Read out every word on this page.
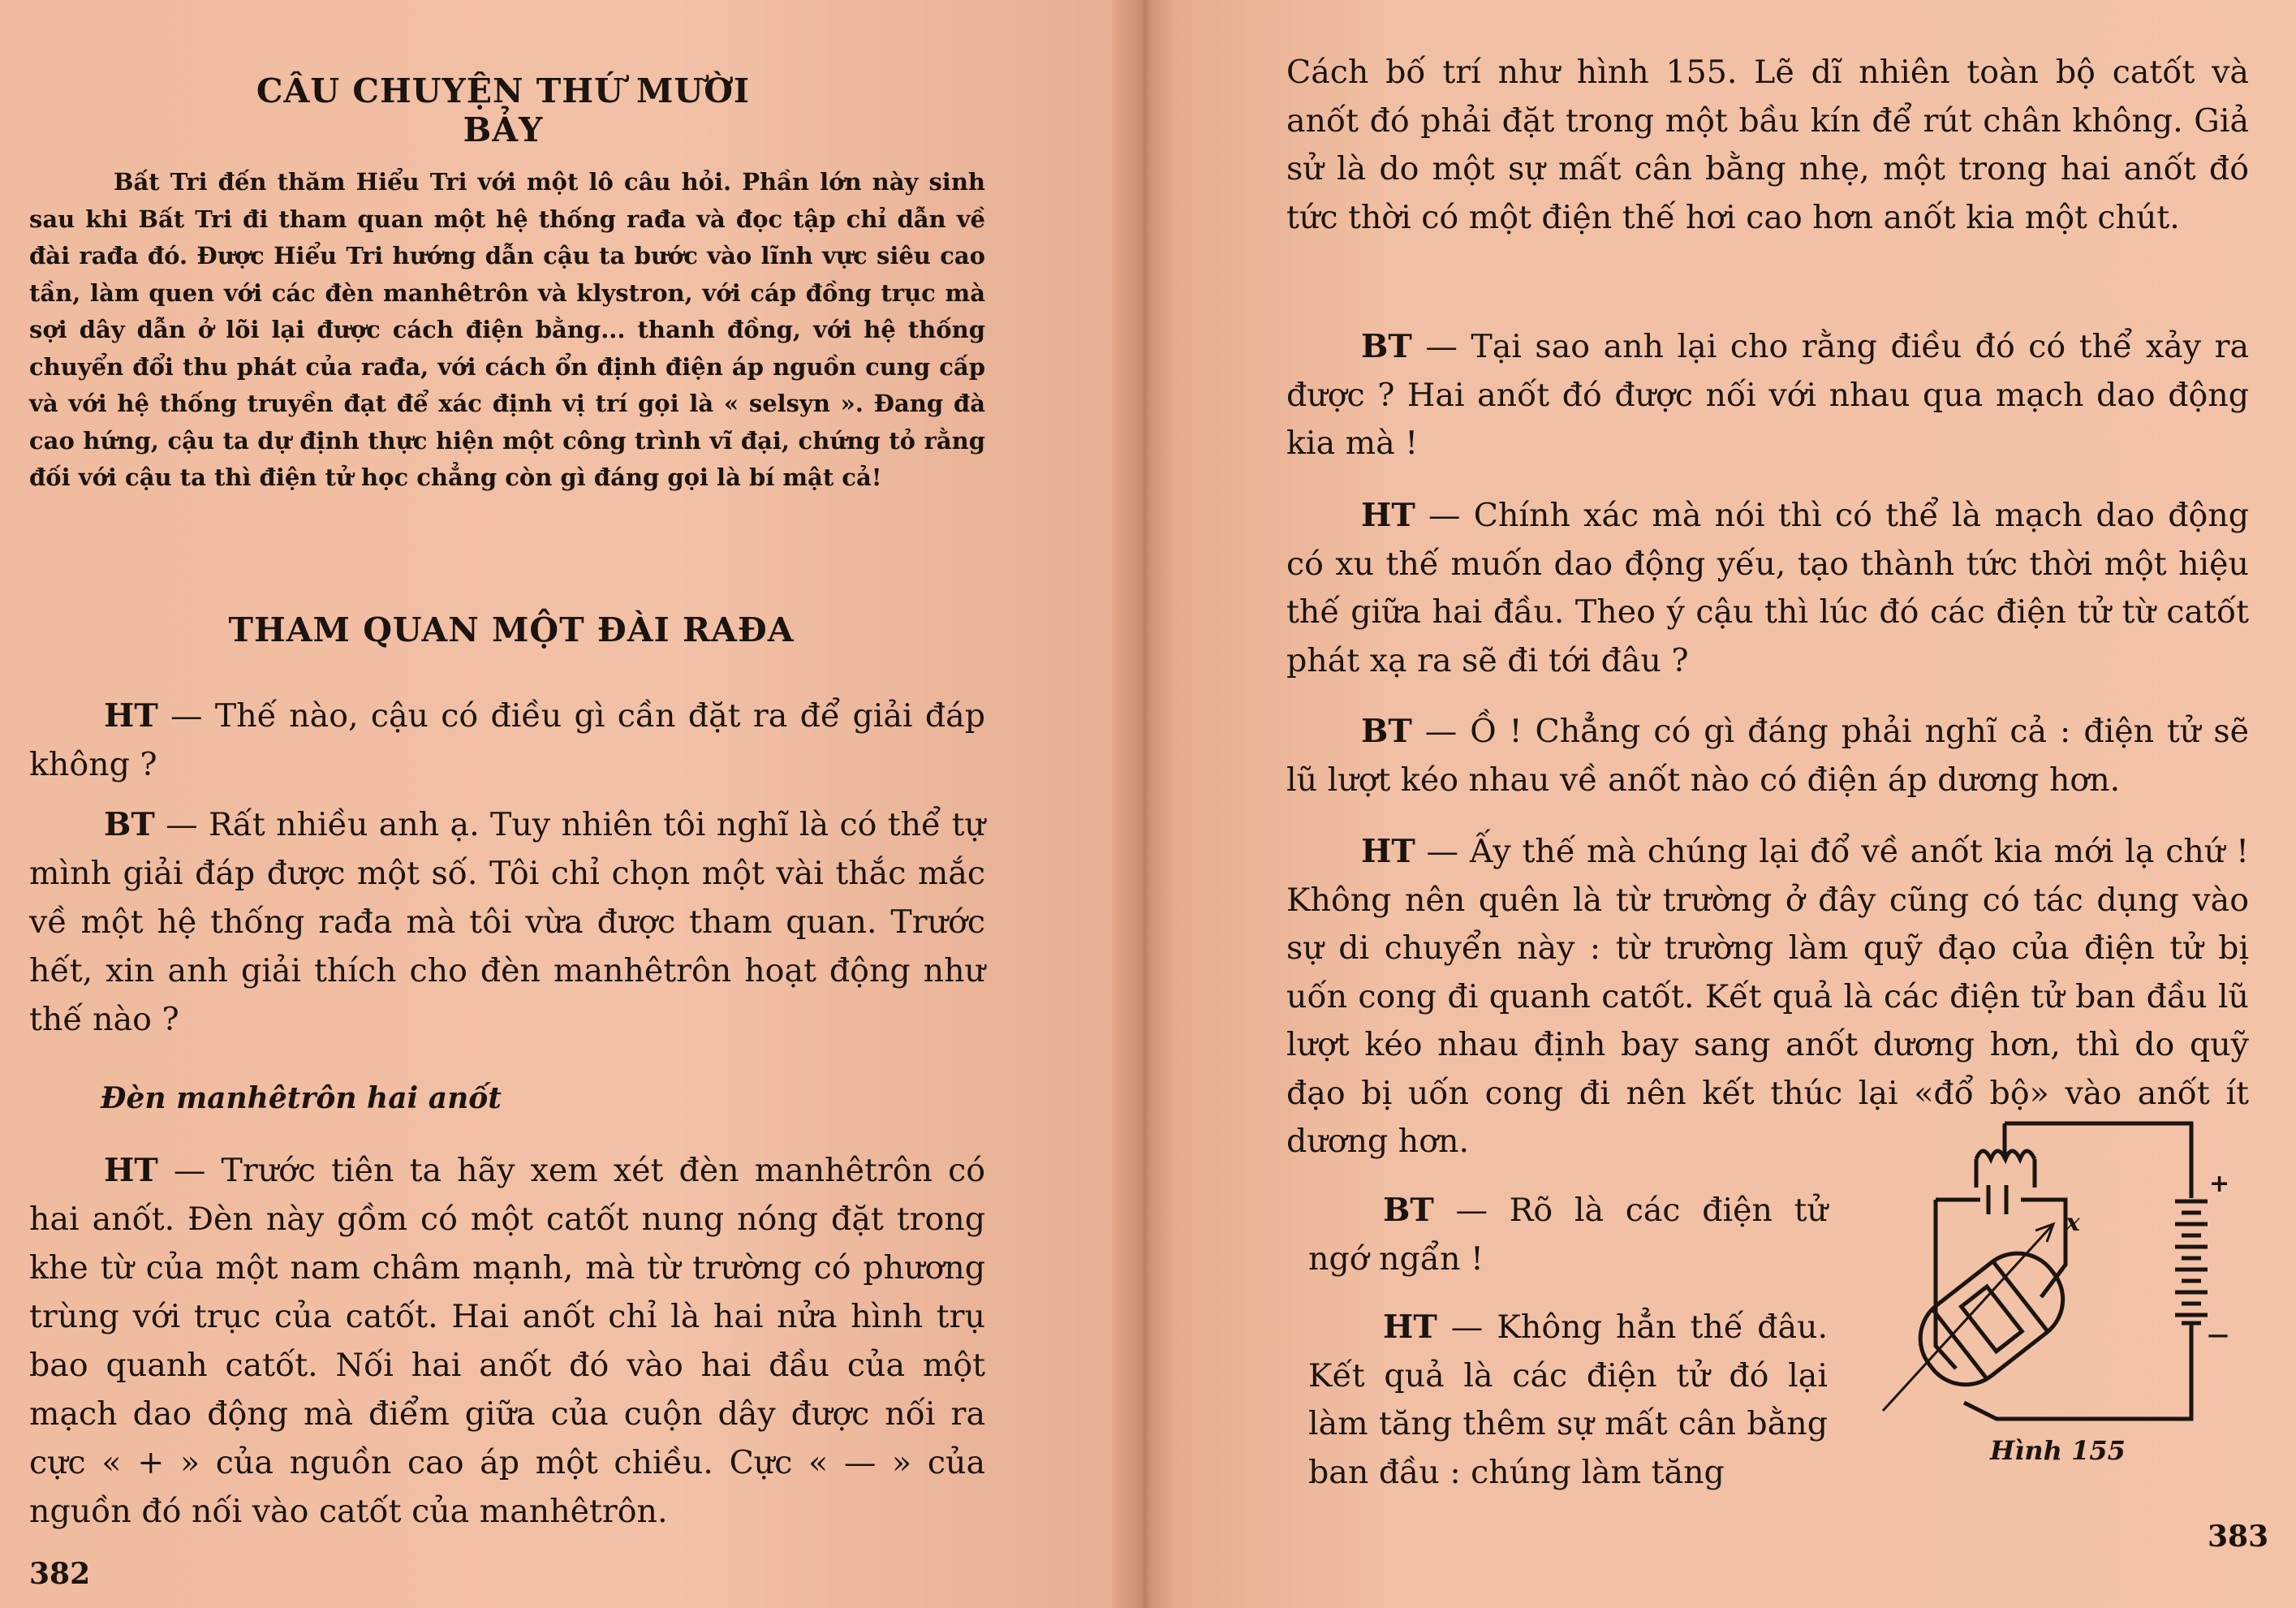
CÂU CHUYỆN THỨ MƯỜI BẢY

Bất Tri đến thăm Hiểu Tri với một lô câu hỏi. Phần lớn này sinh sau khi Bất Tri đi tham quan một hệ thống rađa và đọc tập chỉ dẫn về đài rađa đó. Được Hiểu Tri hướng dẫn cậu ta bước vào lĩnh vực siêu cao tần, làm quen với các đèn manhêtrôn và klystron, với cáp đồng trục mà sợi dây dẫn ở lõi lại được cách điện bằng... thanh đồng, với hệ thống chuyển đổi thu phát của rađa, với cách ổn định điện áp nguồn cung cấp và với hệ thống truyền đạt để xác định vị trí gọi là « selsyn ». Đang đà cao hứng, cậu ta dự định thực hiện một công trình vĩ đại, chứng tỏ rằng đối với cậu ta thì điện tử học chẳng còn gì đáng gọi là bí mật cả!

THAM QUAN MỘT ĐÀI RAĐA

HT — Thế nào, cậu có điều gì cần đặt ra để giải đáp không ?

BT — Rất nhiều anh ạ. Tuy nhiên tôi nghĩ là có thể tự mình giải đáp được một số. Tôi chỉ chọn một vài thắc mắc về một hệ thống rađa mà tôi vừa được tham quan. Trước hết, xin anh giải thích cho đèn manhêtrôn hoạt động như thế nào ?

Đèn manhêtrôn hai anốt

HT — Trước tiên ta hãy xem xét đèn manhêtrôn có hai anốt. Đèn này gồm có một catốt nung nóng đặt trong khe từ của một nam châm mạnh, mà từ trường có phương trùng với trục của catốt. Hai anốt chỉ là hai nửa hình trụ bao quanh catốt. Nối hai anốt đó vào hai đầu của một mạch dao động mà điểm giữa của cuộn dây được nối ra cực « + » của nguồn cao áp một chiều. Cực « — » của nguồn đó nối vào catốt của manhêtrôn.

382

Cách bố trí như hình 155. Lẽ dĩ nhiên toàn bộ catốt và anốt đó phải đặt trong một bầu kín để rút chân không. Giả sử là do một sự mất cân bằng nhẹ, một trong hai anốt đó tức thời có một điện thế hơi cao hơn anốt kia một chút.

BT — Tại sao anh lại cho rằng điều đó có thể xảy ra được ? Hai anốt đó được nối với nhau qua mạch dao động kia mà !

HT — Chính xác mà nói thì có thể là mạch dao động có xu thế muốn dao động yếu, tạo thành tức thời một hiệu thế giữa hai đầu. Theo ý cậu thì lúc đó các điện tử từ catốt phát xạ ra sẽ đi tới đâu ?

BT — Ồ ! Chẳng có gì đáng phải nghĩ cả : điện tử sẽ lũ lượt kéo nhau về anốt nào có điện áp dương hơn.

HT — Ấy thế mà chúng lại đổ về anốt kia mới lạ chứ ! Không nên quên là từ trường ở đây cũng có tác dụng vào sự di chuyển này : từ trường làm quỹ đạo của điện tử bị uốn cong đi quanh catốt. Kết quả là các điện tử ban đầu lũ lượt kéo nhau định bay sang anốt dương hơn, thì do quỹ đạo bị uốn cong đi nên kết thúc lại «đổ bộ» vào anốt ít dương hơn.

BT — Rõ là các điện tử ngớ ngẩn !

HT — Không hẳn thế đâu. Kết quả là các điện tử đó lại làm tăng thêm sự mất cân bằng ban đầu : chúng làm tăng

x
+
—
Hình 155
383
